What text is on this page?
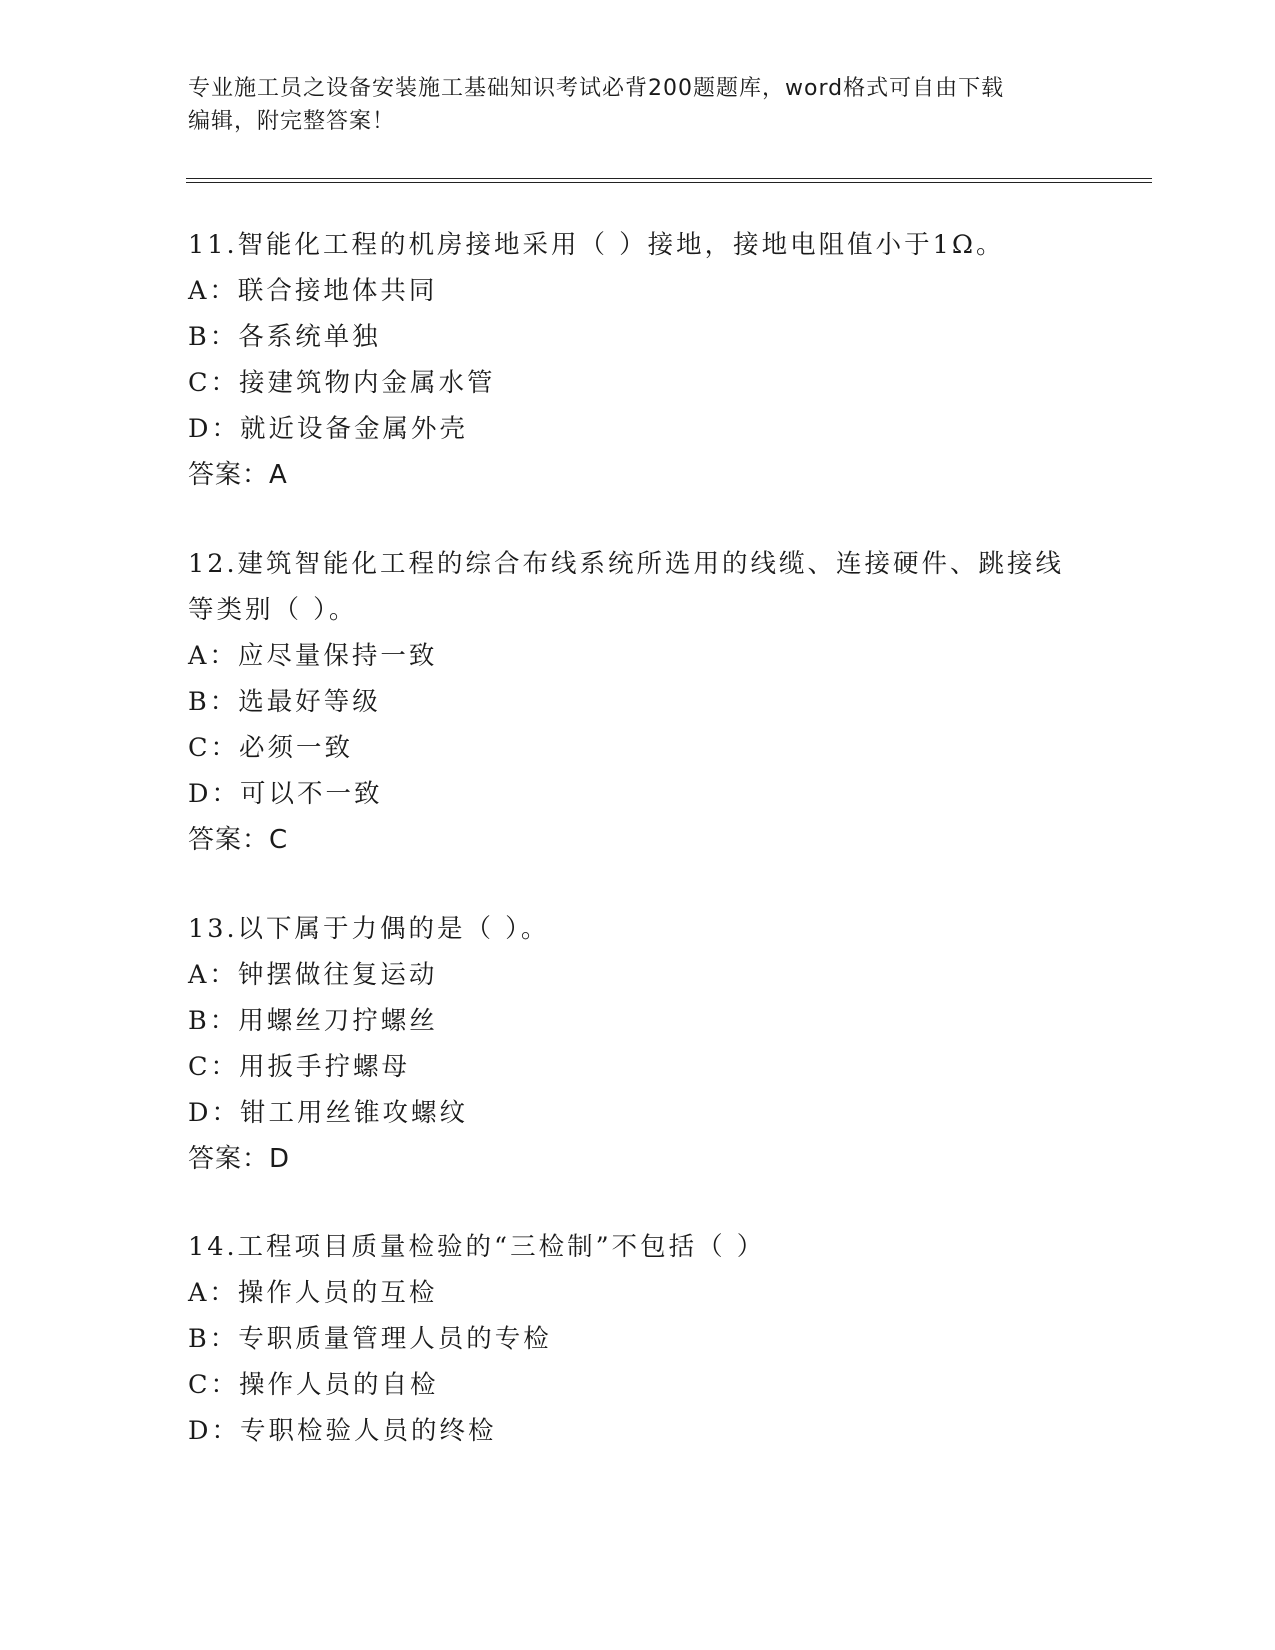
专业施工员之设备安装施工基础知识考试必背200题题库，word格式可自由下载
编辑，附完整答案！
11.智能化工程的机房接地采用（ ）接地，接地电阻值小于1Ω。
A：联合接地体共同
B：各系统单独
C：接建筑物内金属水管
D：就近设备金属外壳
答案：A
12.建筑智能化工程的综合布线系统所选用的线缆、连接硬件、跳接线
等类别（ ）。
A：应尽量保持一致
B：选最好等级
C：必须一致
D：可以不一致
答案：C
13.以下属于力偶的是（ ）。
A：钟摆做往复运动
B：用螺丝刀拧螺丝
C：用扳手拧螺母
D：钳工用丝锥攻螺纹
答案：D
14.工程项目质量检验的“三检制”不包括（ ）
A：操作人员的互检
B：专职质量管理人员的专检
C：操作人员的自检
D：专职检验人员的终检
